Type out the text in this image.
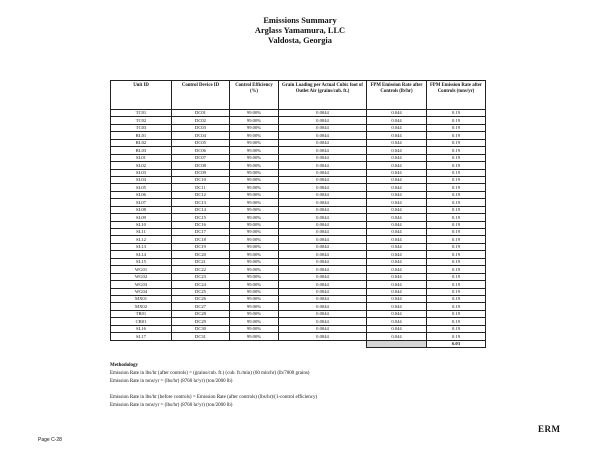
Emissions Summary
Arglass Yamamura, LLC
Valdosta, Georgia
Unit ID	Control Device ID	Control Efficiency (%)	Grain Loading per Actual Cubic foot of Outlet Air (grains/cub. ft.)	FPM Emission Rate after Controls (lb/hr)	FPM Emission Rate after Controls (tons/yr)
TC01	DC01	99.00%	0.0044	0.044	0.19
TC02	DC02	99.00%	0.0044	0.044	0.19
TC03	DC03	99.00%	0.0044	0.044	0.19
RL01	DC04	99.00%	0.0044	0.044	0.19
RL02	DC05	99.00%	0.0044	0.044	0.19
RL03	DC06	99.00%	0.0044	0.044	0.19
SL01	DC07	99.00%	0.0044	0.044	0.19
SL02	DC08	99.00%	0.0044	0.044	0.19
SL03	DC09	99.00%	0.0044	0.044	0.19
SL04	DC10	99.00%	0.0044	0.044	0.19
SL05	DC11	99.00%	0.0044	0.044	0.19
SL06	DC12	99.00%	0.0044	0.044	0.19
SL07	DC13	99.00%	0.0044	0.044	0.19
SL08	DC14	99.00%	0.0044	0.044	0.19
SL09	DC15	99.00%	0.0044	0.044	0.19
SL10	DC16	99.00%	0.0044	0.044	0.19
SL11	DC17	99.00%	0.0044	0.044	0.19
SL12	DC18	99.00%	0.0044	0.044	0.19
SL13	DC19	99.00%	0.0044	0.044	0.19
SL14	DC20	99.00%	0.0044	0.044	0.19
SL15	DC21	99.00%	0.0044	0.044	0.19
WG01	DC22	99.00%	0.0044	0.044	0.19
WG02	DC23	99.00%	0.0044	0.044	0.19
WG03	DC24	99.00%	0.0044	0.044	0.19
WG04	DC25	99.00%	0.0044	0.044	0.19
MX01	DC26	99.00%	0.0044	0.044	0.19
MX02	DC27	99.00%	0.0044	0.044	0.19
TR01	DC28	99.00%	0.0044	0.044	0.19
CR01	DC29	99.00%	0.0044	0.044	0.19
SL16	DC30	99.00%	0.0044	0.044	0.19
SL17	DC31	99.00%	0.0044	0.044	0.19
					6.03
Methodology
Emission Rate in lbs/hr (after controls) = (grains/cub. ft.) (cub. ft./min) (60 min/hr) (lb/7000 grains)
Emission Rate in tons/yr = (lbs/hr) (8760 hr/yr) (ton/2000 lb)
Emission Rate in lbs/hr (before controls) = Emission Rate (after controls) (lbs/hr)/(1-control efficiency)
Emission Rate in tons/yr = (lbs/hr) (8760 hr/yr) (ton/2000 lb)
Page C-28
ERM
